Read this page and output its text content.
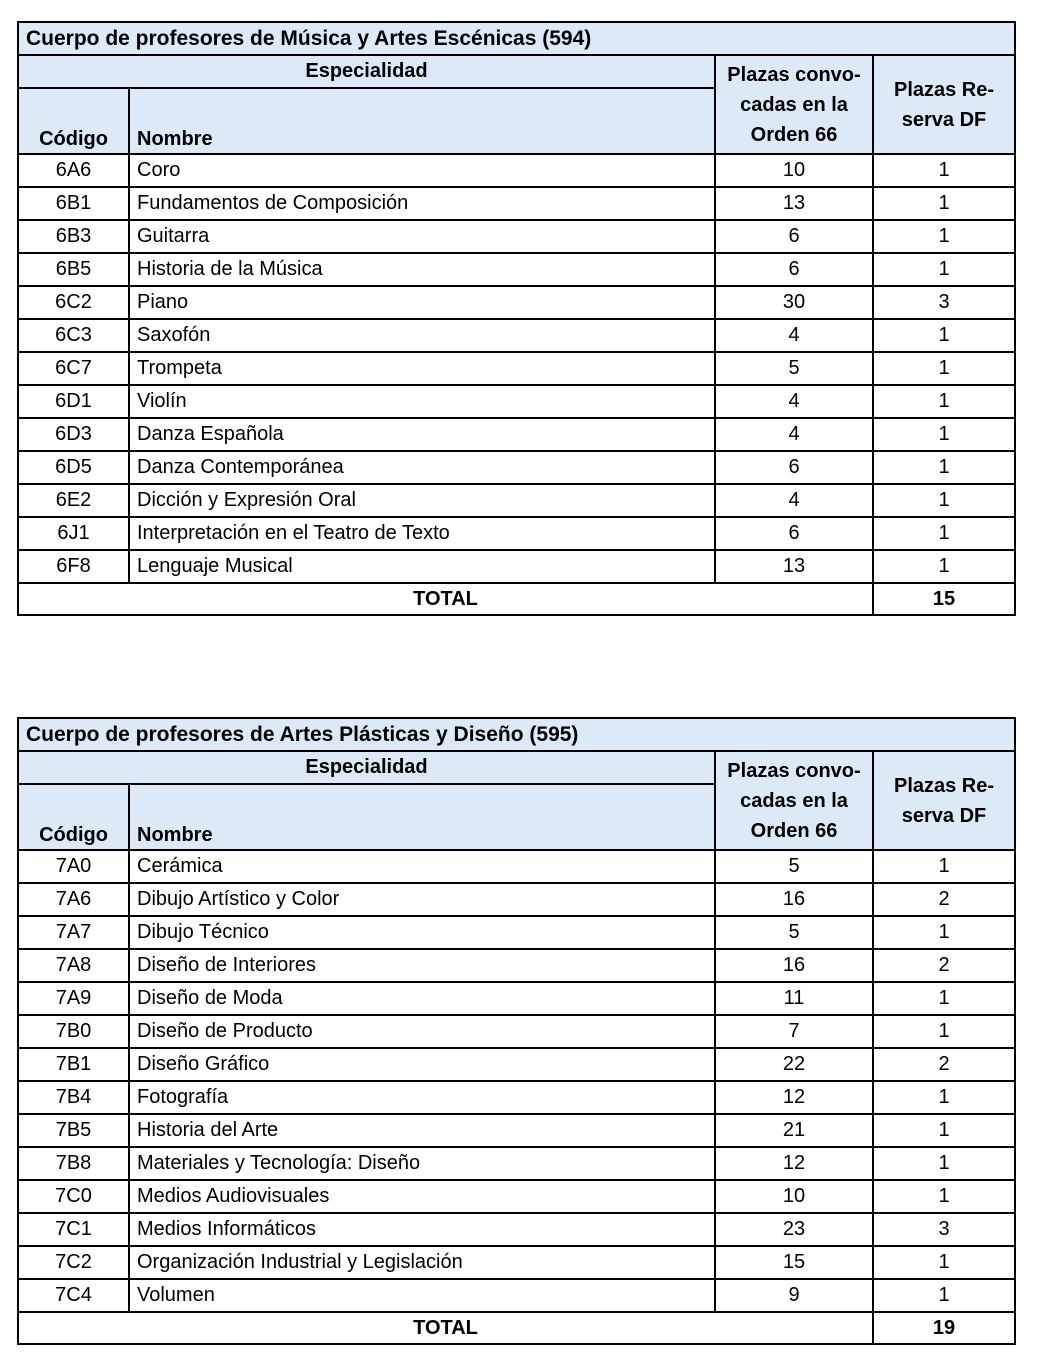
Cuerpo de profesores de Música y Artes Escénicas (594)			
Especialidad		Plazas convo-cadas en la Orden 66	Plazas Re-serva DF
Código	Nombre		
6A6	Coro	10	1
6B1	Fundamentos de Composición	13	1
6B3	Guitarra	6	1
6B5	Historia de la Música	6	1
6C2	Piano	30	3
6C3	Saxofón	4	1
6C7	Trompeta	5	1
6D1	Violín	4	1
6D3	Danza Española	4	1
6D5	Danza Contemporánea	6	1
6E2	Dicción y Expresión Oral	4	1
6J1	Interpretación en el Teatro de Texto	6	1
6F8	Lenguaje Musical	13	1
TOTAL			15
Cuerpo de profesores de Artes Plásticas y Diseño (595)			
Especialidad		Plazas convo-cadas en la Orden 66	Plazas Re-serva DF
Código	Nombre		
7A0	Cerámica	5	1
7A6	Dibujo Artístico y Color	16	2
7A7	Dibujo Técnico	5	1
7A8	Diseño de Interiores	16	2
7A9	Diseño de Moda	11	1
7B0	Diseño de Producto	7	1
7B1	Diseño Gráfico	22	2
7B4	Fotografía	12	1
7B5	Historia del Arte	21	1
7B8	Materiales y Tecnología: Diseño	12	1
7C0	Medios Audiovisuales	10	1
7C1	Medios Informáticos	23	3
7C2	Organización Industrial y Legislación	15	1
7C4	Volumen	9	1
TOTAL			19
